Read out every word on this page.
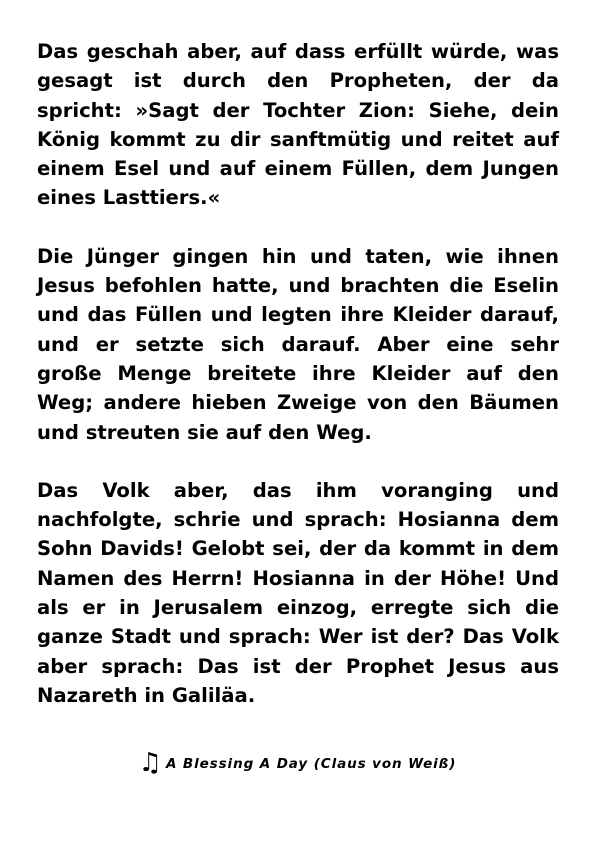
Das geschah aber, auf dass erfüllt würde, was gesagt ist durch den Propheten, der da spricht: »Sagt der Tochter Zion: Siehe, dein König kommt zu dir sanftmütig und reitet auf einem Esel und auf einem Füllen, dem Jungen eines Lasttiers.«

Die Jünger gingen hin und taten, wie ihnen Jesus befohlen hatte, und brachten die Eselin und das Füllen und legten ihre Kleider darauf, und er setzte sich darauf. Aber eine sehr große Menge breitete ihre Kleider auf den Weg; andere hieben Zweige von den Bäumen und streuten sie auf den Weg.

Das Volk aber, das ihm voranging und nachfolgte, schrie und sprach: Hosianna dem Sohn Davids! Gelobt sei, der da kommt in dem Namen des Herrn! Hosianna in der Höhe! Und als er in Jerusalem einzog, erregte sich die ganze Stadt und sprach: Wer ist der? Das Volk aber sprach: Das ist der Prophet Jesus aus Nazareth in Galiläa.

♫ A Blessing A Day (Claus von Weiß)
